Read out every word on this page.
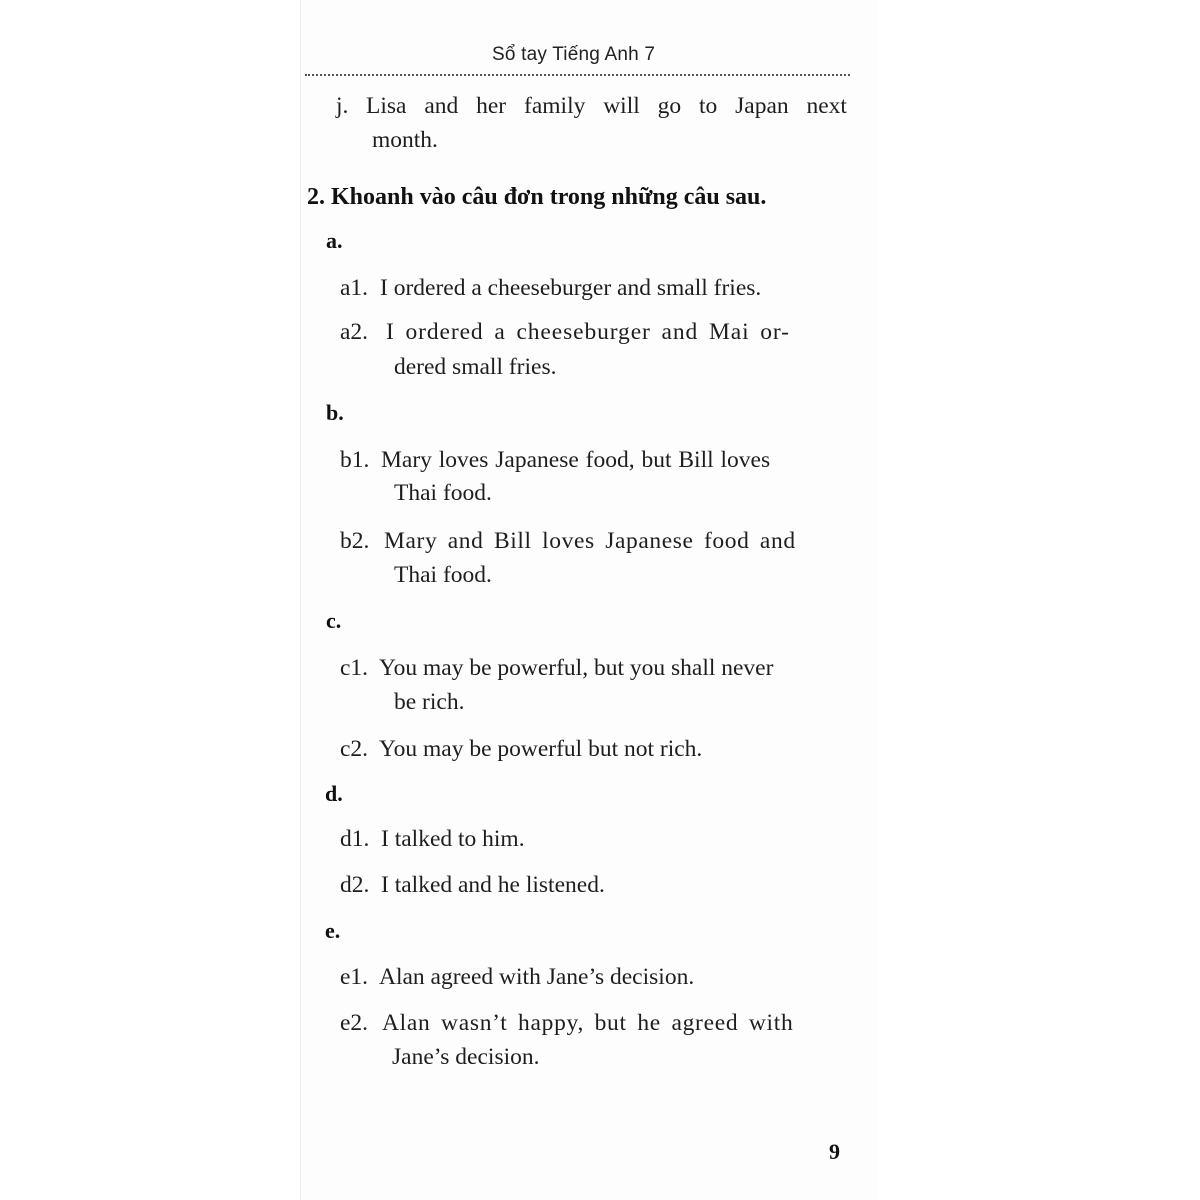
Sổ tay Tiếng Anh 7
j. Lisa and her family will go to Japan next
month.
2. Khoanh vào câu đơn trong những câu sau.
a.
a1. I ordered a cheeseburger and small fries.
a2. I ordered a cheeseburger and Mai or-
dered small fries.
b.
b1. Mary loves Japanese food, but Bill loves
Thai food.
b2. Mary and Bill loves Japanese food and
Thai food.
c.
c1. You may be powerful, but you shall never
be rich.
c2. You may be powerful but not rich.
d.
d1. I talked to him.
d2. I talked and he listened.
e.
e1. Alan agreed with Jane’s decision.
e2. Alan wasn’t happy, but he agreed with
Jane’s decision.
9
